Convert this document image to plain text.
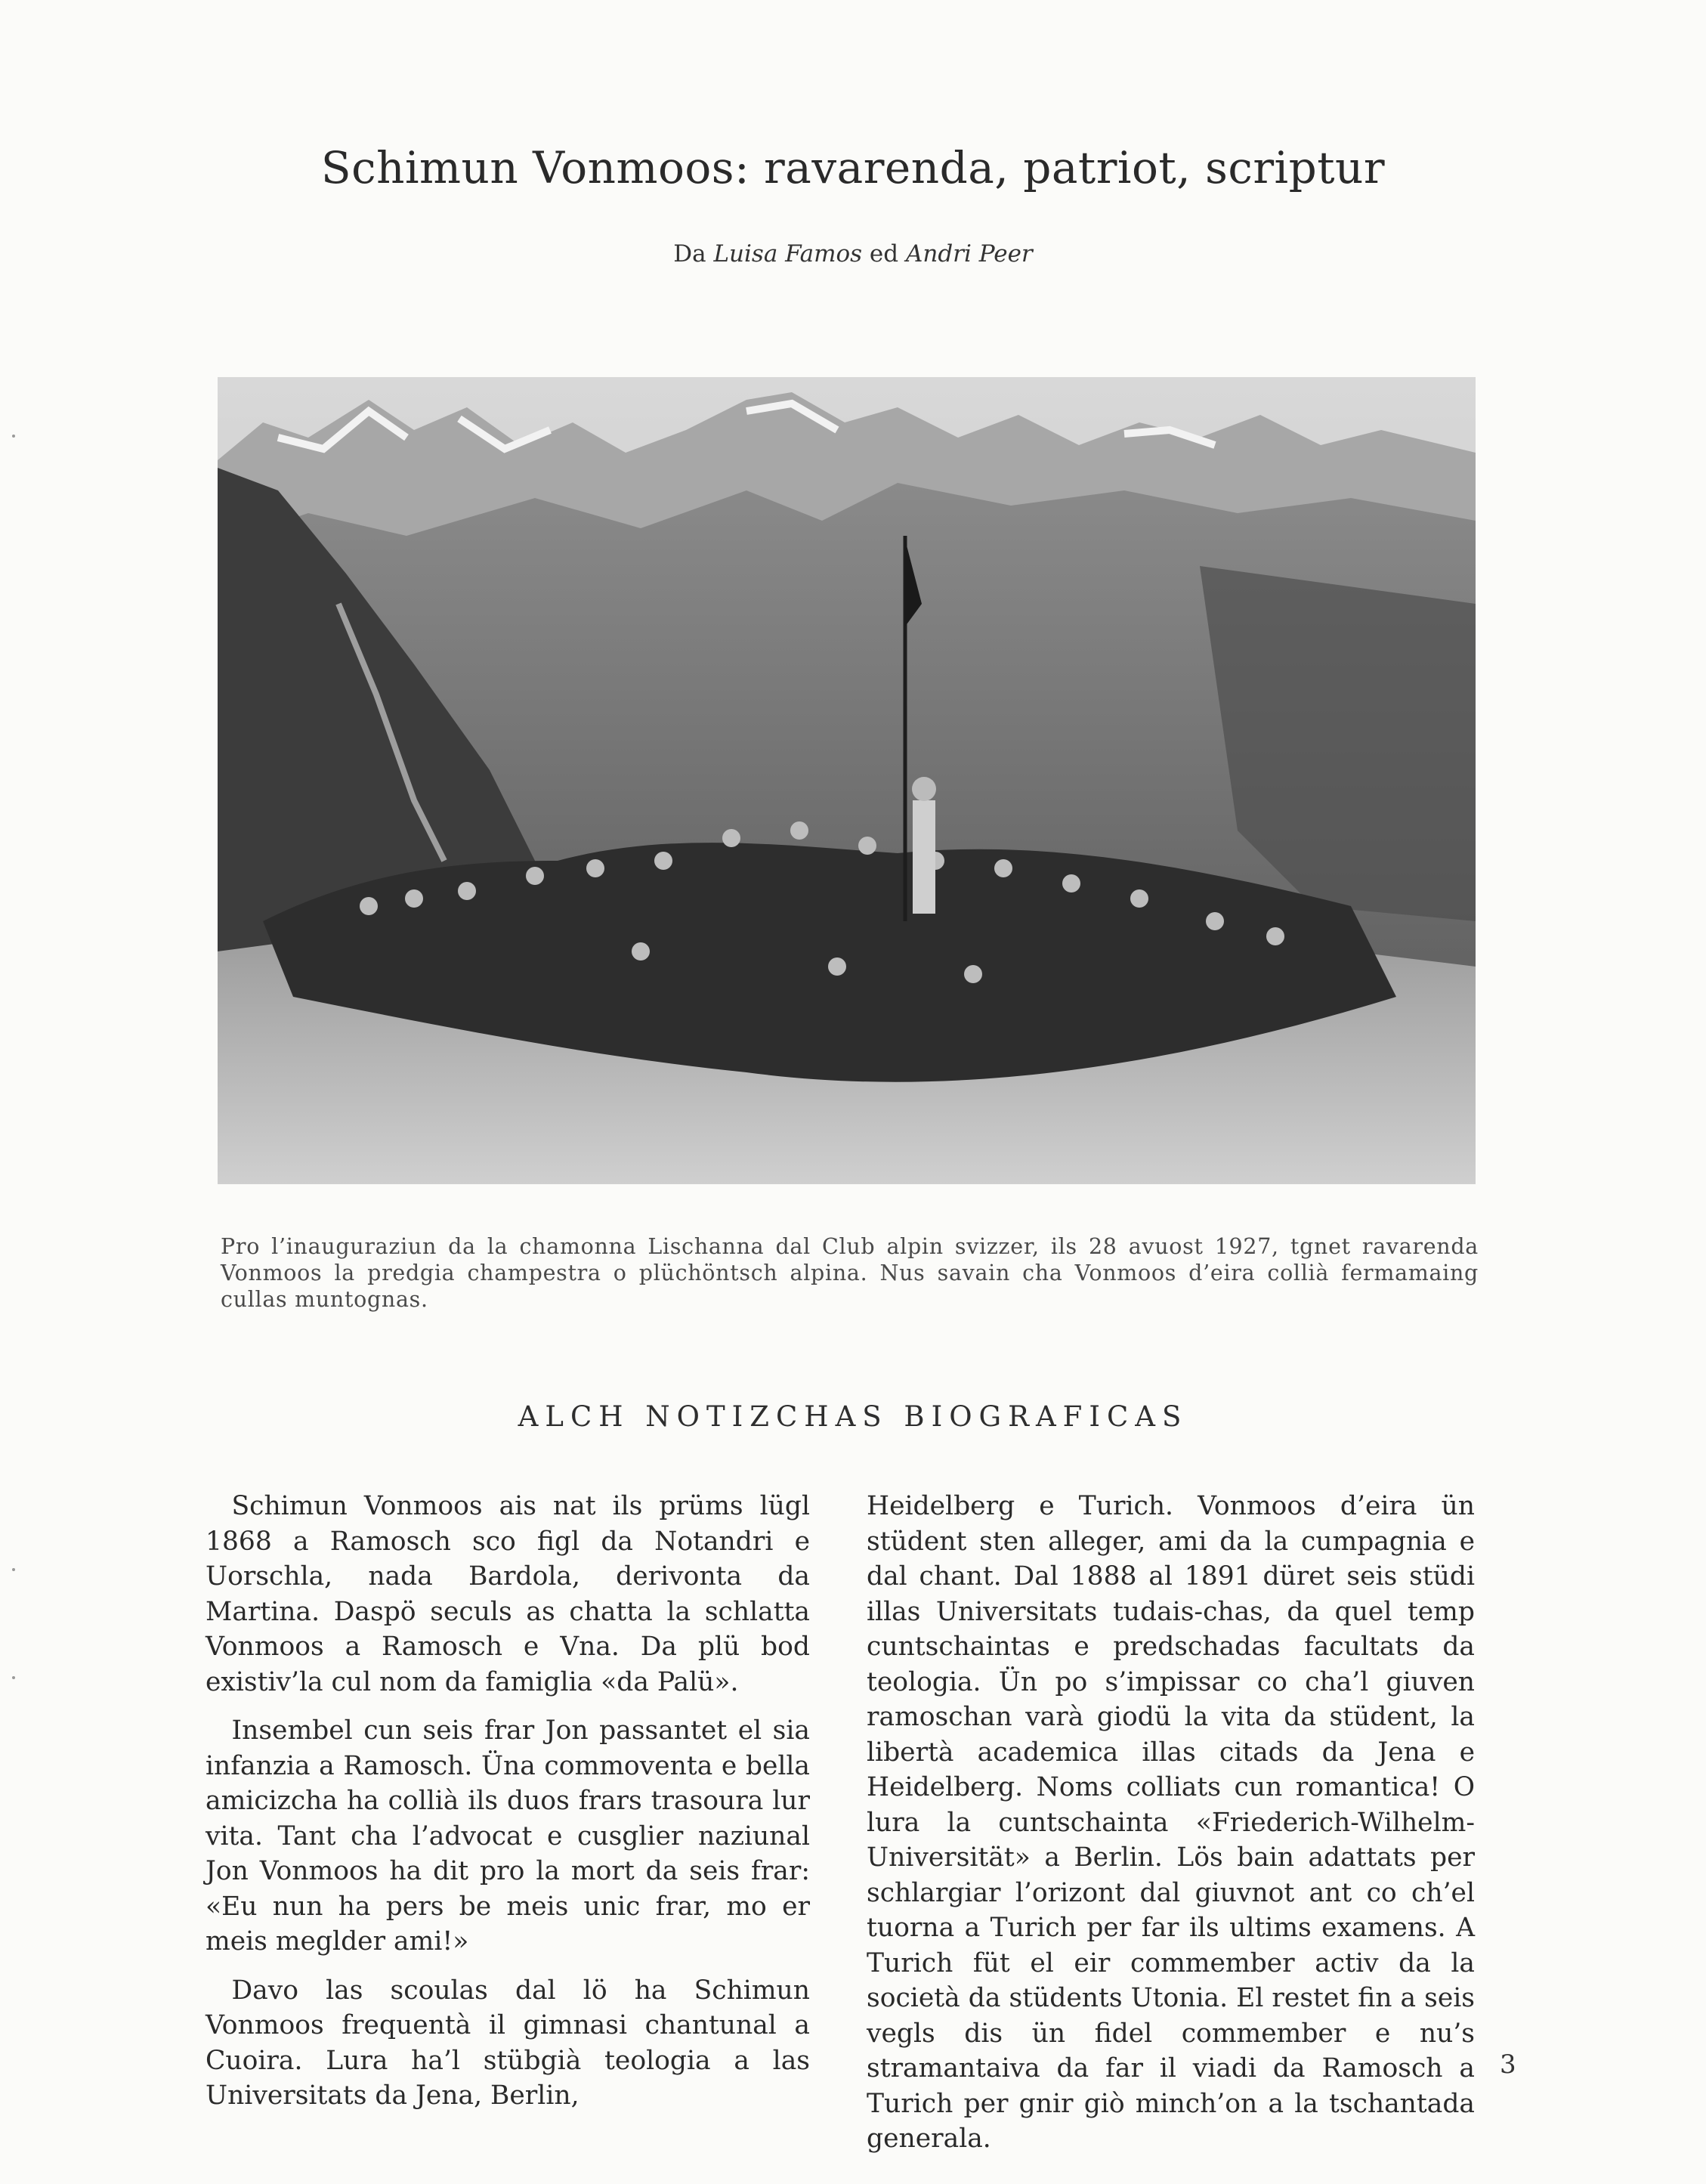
Schimun Vonmoos: ravarenda, patriot, scriptur
Da Luisa Famos ed Andri Peer
Pro l’inauguraziun da la chamonna Lischanna dal Club alpin svizzer, ils 28 avuost 1927, tgnet ravarenda Vonmoos la predgia champestra o plüchöntsch alpina. Nus savain cha Vonmoos d’eira collià fermamaing cullas muntognas.
ALCH NOTIZCHAS BIOGRAFICAS

Schimun Vonmoos ais nat ils prüms lügl 1868 a Ramosch sco figl da Notandri e Uorschla, nada Bardola, derivonta da Martina. Daspö seculs as chatta la schlatta Vonmoos a Ramosch e Vna. Da plü bod existiv’la cul nom da famiglia «da Palü».

Insembel cun seis frar Jon passantet el sia infanzia a Ramosch. Üna commoventa e bella amicizcha ha collià ils duos frars trasoura lur vita. Tant cha l’advocat e cusglier naziunal Jon Vonmoos ha dit pro la mort da seis frar: «Eu nun ha pers be meis unic frar, mo er meis meglder ami!»

Davo las scoulas dal lö ha Schimun Vonmoos frequentà il gimnasi chantunal a Cuoira. Lura ha’l stübgià teologia a las Universitats da Jena, Berlin,

Heidelberg e Turich. Vonmoos d’eira ün stüdent sten alleger, ami da la cumpagnia e dal chant. Dal 1888 al 1891 düret seis stüdi illas Universitats tudais-chas, da quel temp cuntschaintas e predschadas facultats da teologia. Ün po s’impissar co cha’l giuven ramoschan varà giodü la vita da stüdent, la libertà academica illas citads da Jena e Heidelberg. Noms colliats cun romantica! O lura la cuntschainta «Friederich-Wilhelm-Universität» a Berlin. Lös bain adattats per schlargiar l’orizont dal giuvnot ant co ch’el tuorna a Turich per far ils ultims examens. A Turich füt el eir commember activ da la società da stüdents Utonia. El restet fin a seis vegls dis ün fidel commember e nu’s stramantaiva da far il viadi da Ramosch a Turich per gnir giò minch’on a la tschantada generala.

3
